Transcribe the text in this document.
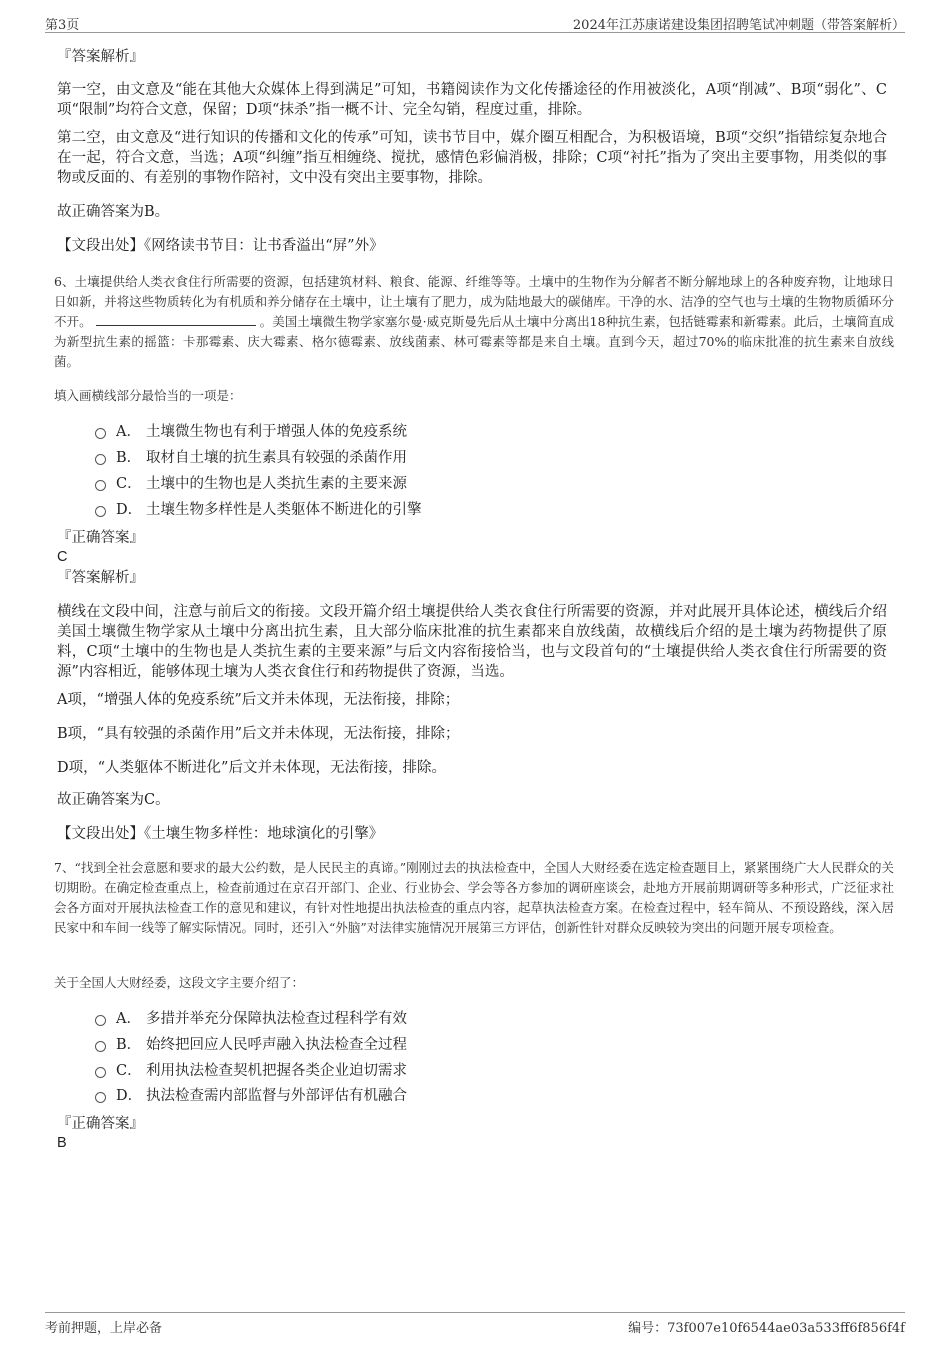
第3页	2024年江苏康诺建设集团招聘笔试冲刺题（带答案解析）
『答案解析』
第一空，由文意及“能在其他大众媒体上得到满足”可知，书籍阅读作为文化传播途径的作用被淡化，A项“削减”、B项“弱化”、C项“限制”均符合文意，保留；D项“抹杀”指一概不计、完全勾销，程度过重，排除。
第二空，由文意及“进行知识的传播和文化的传承”可知，读书节目中，媒介圈互相配合，为积极语境，B项“交织”指错综复杂地合在一起，符合文意，当选；A项“纠缠”指互相缠绕、搅扰，感情色彩偏消极，排除；C项“衬托”指为了突出主要事物，用类似的事物或反面的、有差别的事物作陪衬，文中没有突出主要事物，排除。
故正确答案为B。
【文段出处】《网络读书节目：让书香溢出“屏”外》
6、土壤提供给人类衣食住行所需要的资源，包括建筑材料、粮食、能源、纤维等等。土壤中的生物作为分解者不断分解地球上的各种废弃物，让地球日日如新，并将这些物质转化为有机质和养分储存在土壤中，让土壤有了肥力，成为陆地最大的碳储库。干净的水、洁净的空气也与土壤的生物物质循环分不开。	。美国土壤微生物学家塞尔曼·威克斯曼先后从土壤中分离出18种抗生素，包括链霉素和新霉素。此后，土壤简直成为新型抗生素的摇篮：卡那霉素、庆大霉素、格尔德霉素、放线菌素、林可霉素等都是来自土壤。直到今天，超过70%的临床批准的抗生素来自放线菌。
填入画横线部分最恰当的一项是：
A． 土壤微生物也有利于增强人体的免疫系统
B． 取材自土壤的抗生素具有较强的杀菌作用
C． 土壤中的生物也是人类抗生素的主要来源
D． 土壤生物多样性是人类躯体不断进化的引擎
『正确答案』
C
『答案解析』
横线在文段中间，注意与前后文的衔接。文段开篇介绍土壤提供给人类衣食住行所需要的资源，并对此展开具体论述，横线后介绍美国土壤微生物学家从土壤中分离出抗生素，且大部分临床批准的抗生素都来自放线菌，故横线后介绍的是土壤为药物提供了原料，C项“土壤中的生物也是人类抗生素的主要来源”与后文内容衔接恰当，也与文段首句的“土壤提供给人类衣食住行所需要的资源”内容相近，能够体现土壤为人类衣食住行和药物提供了资源，当选。
A项，“增强人体的免疫系统”后文并未体现，无法衔接，排除；
B项，“具有较强的杀菌作用”后文并未体现，无法衔接，排除；
D项，“人类躯体不断进化”后文并未体现，无法衔接，排除。
故正确答案为C。
【文段出处】《土壤生物多样性：地球演化的引擎》
7、“找到全社会意愿和要求的最大公约数，是人民民主的真谛。”刚刚过去的执法检查中，全国人大财经委在选定检查题目上，紧紧围绕广大人民群众的关切期盼。在确定检查重点上，检查前通过在京召开部门、企业、行业协会、学会等各方参加的调研座谈会，赴地方开展前期调研等多种形式，广泛征求社会各方面对开展执法检查工作的意见和建议，有针对性地提出执法检查的重点内容，起草执法检查方案。在检查过程中，轻车简从、不预设路线，深入居民家中和车间一线等了解实际情况。同时，还引入“外脑”对法律实施情况开展第三方评估，创新性针对群众反映较为突出的问题开展专项检查。
关于全国人大财经委，这段文字主要介绍了：
A． 多措并举充分保障执法检查过程科学有效
B． 始终把回应人民呼声融入执法检查全过程
C． 利用执法检查契机把握各类企业迫切需求
D． 执法检查需内部监督与外部评估有机融合
『正确答案』
B
考前押题，上岸必备	编号：73f007e10f6544ae03a533ff6f856f4f
